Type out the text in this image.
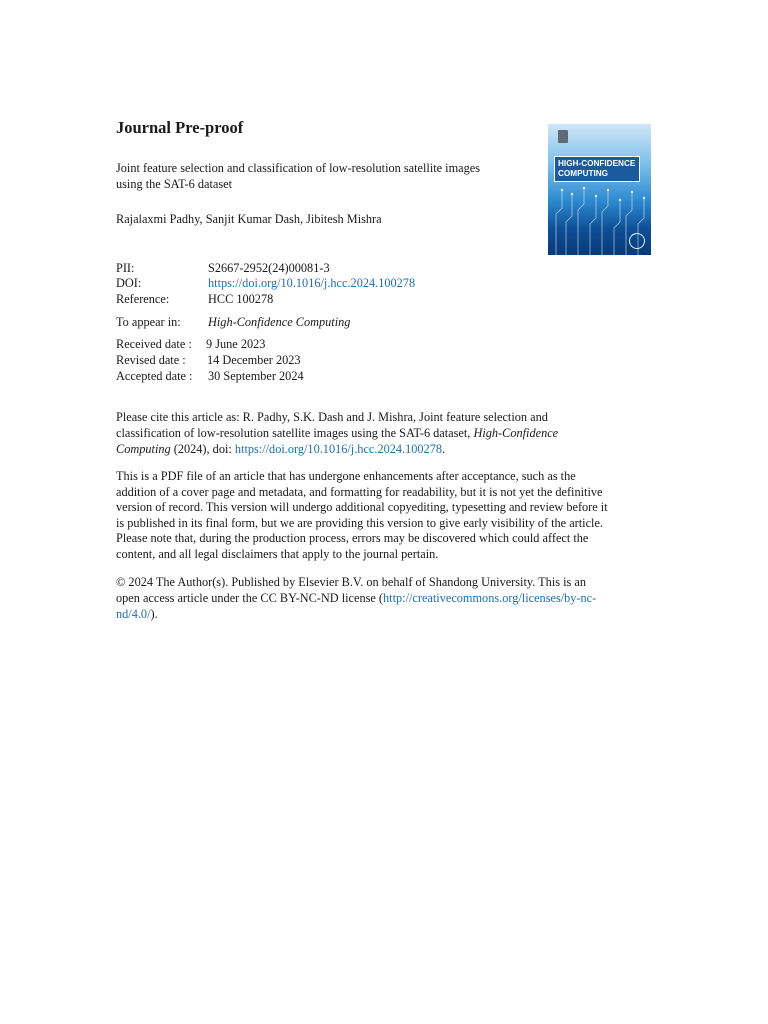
Journal Pre-proof
Joint feature selection and classification of low-resolution satellite images
using the SAT-6 dataset
Rajalaxmi Padhy, Sanjit Kumar Dash, Jibitesh Mishra
HIGH-CONFIDENCE
COMPUTING
PII:	S2667-2952(24)00081-3
DOI:	https://doi.org/10.1016/j.hcc.2024.100278
Reference:	HCC 100278
To appear in: High-Confidence Computing
Received date : 9 June 2023
Revised date : 14 December 2023
Accepted date : 30 September 2024
Please cite this article as: R. Padhy, S.K. Dash and J. Mishra, Joint feature selection and
classification of low-resolution satellite images using the SAT-6 dataset, High-Confidence
Computing (2024), doi: https://doi.org/10.1016/j.hcc.2024.100278.
This is a PDF file of an article that has undergone enhancements after acceptance, such as the
addition of a cover page and metadata, and formatting for readability, but it is not yet the definitive
version of record. This version will undergo additional copyediting, typesetting and review before it
is published in its final form, but we are providing this version to give early visibility of the article.
Please note that, during the production process, errors may be discovered which could affect the
content, and all legal disclaimers that apply to the journal pertain.
© 2024 The Author(s). Published by Elsevier B.V. on behalf of Shandong University. This is an
open access article under the CC BY-NC-ND license (http://creativecommons.org/licenses/by-nc-
nd/4.0/).
